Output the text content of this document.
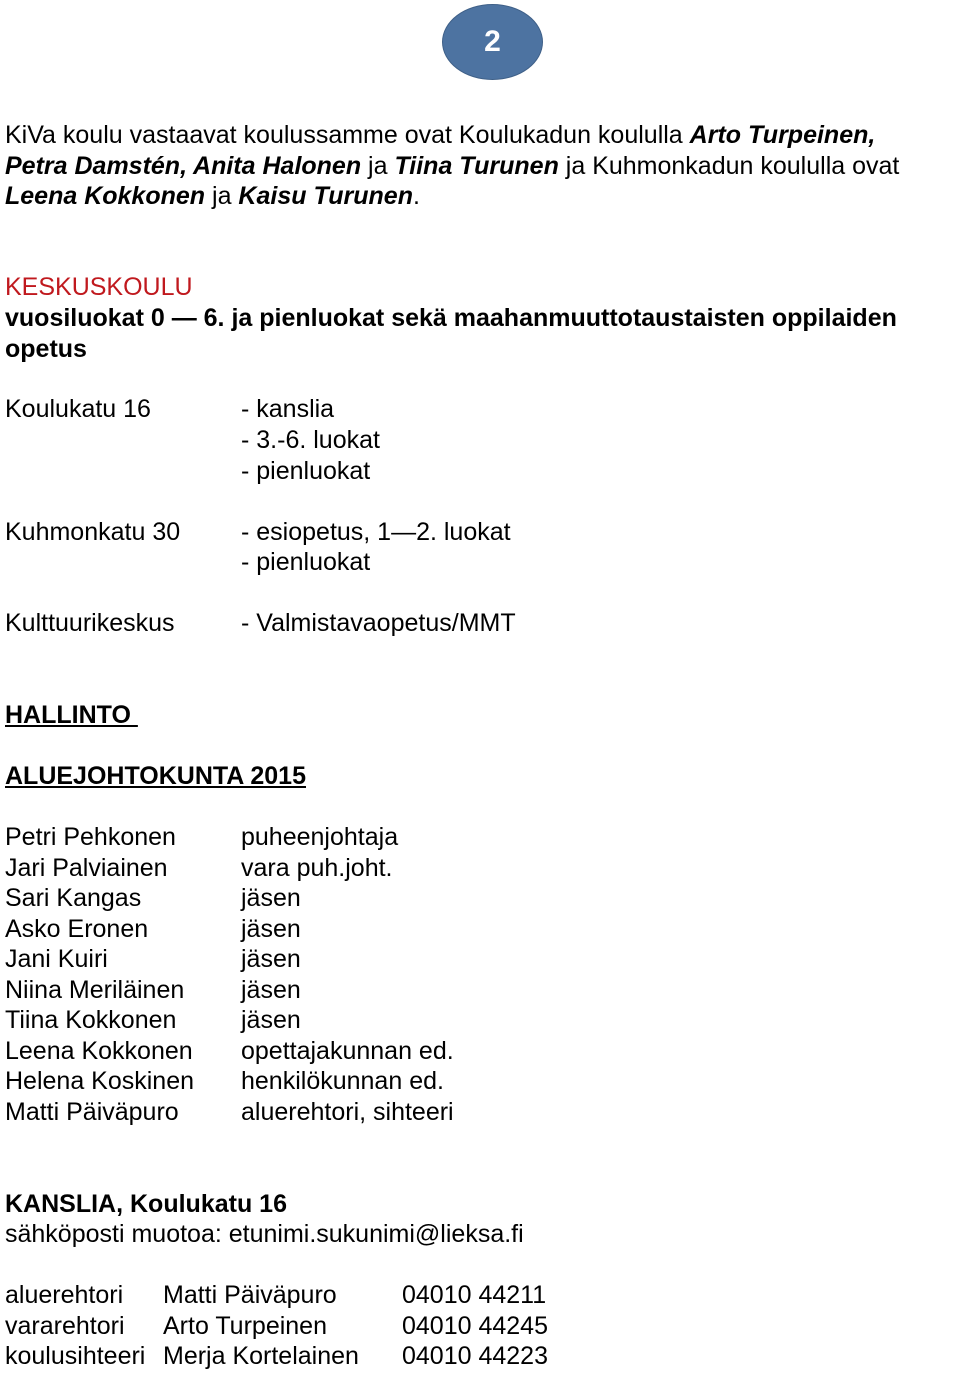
2
KiVa koulu vastaavat koulussamme ovat Koulukadun koululla Arto Turpeinen,
Petra Damstén, Anita Halonen ja Tiina Turunen ja Kuhmonkadun koululla ovat
Leena Kokkonen ja Kaisu Turunen.
KESKUSKOULU
vuosiluokat 0 — 6. ja pienluokat sekä maahanmuuttotaustaisten oppilaiden
opetus
Koulukatu 16	- kanslia
- 3.-6. luokat
- pienluokat
Kuhmonkatu 30 - esiopetus, 1—2. luokat
- pienluokat
Kulttuurikeskus	- Valmistavaopetus/MMT
HALLINTO
ALUEJOHTOKUNTA 2015
Petri Pehkonen	puheenjohtaja
Jari Palviainen	vara puh.joht.
Sari Kangas	jäsen
Asko Eronen	jäsen
Jani Kuiri	jäsen
Niina Meriläinen jäsen
Tiina Kokkonen	jäsen
Leena Kokkonen opettajakunnan ed.
Helena Koskinen henkilökunnan ed.
Matti Päiväpuro aluerehtori, sihteeri
KANSLIA, Koulukatu 16
sähköposti muotoa: etunimi.sukunimi@lieksa.fi
aluerehtori Matti Päiväpuro	04010 44211
vararehtori Arto Turpeinen	04010 44245
koulusihteeri Merja Kortelainen 04010 44223
